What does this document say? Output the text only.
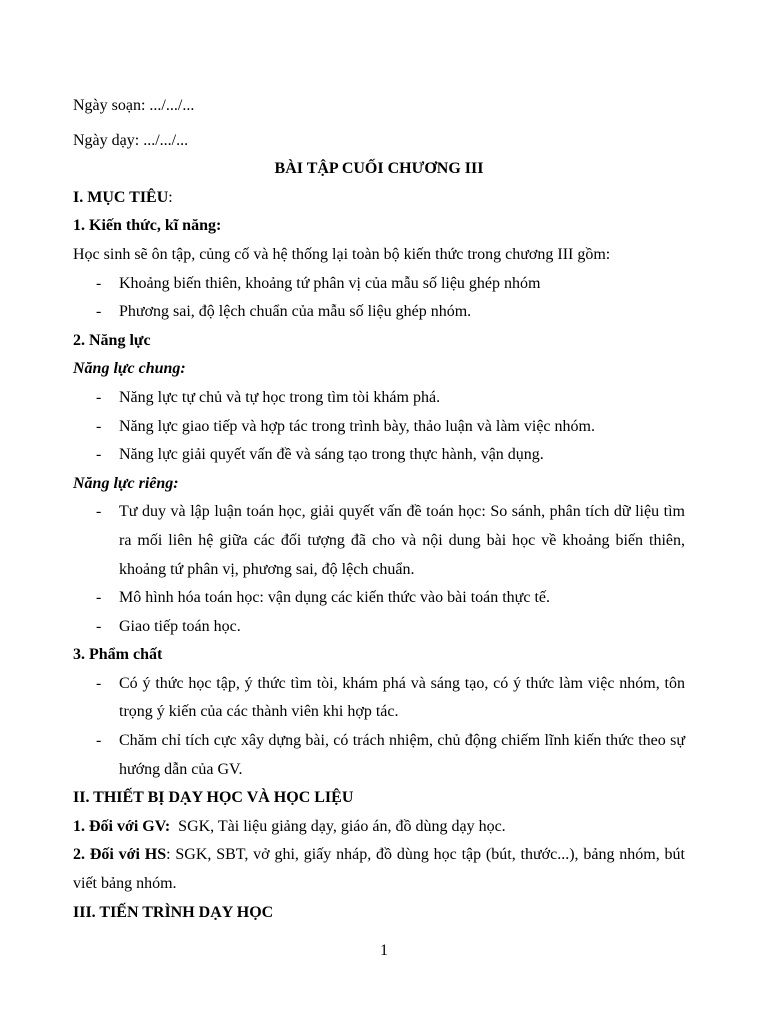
Ngày soạn: .../.../...

Ngày dạy: .../.../...

BÀI TẬP CUỐI CHƯƠNG III

I. MỤC TIÊU:

1. Kiến thức, kĩ năng:

Học sinh sẽ ôn tập, củng cố và hệ thống lại toàn bộ kiến thức trong chương III gồm:

- Khoảng biến thiên, khoảng tứ phân vị của mẫu số liệu ghép nhóm
- Phương sai, độ lệch chuẩn của mẫu số liệu ghép nhóm.

2. Năng lực

Năng lực chung:

- Năng lực tự chủ và tự học trong tìm tòi khám phá.
- Năng lực giao tiếp và hợp tác trong trình bày, thảo luận và làm việc nhóm.
- Năng lực giải quyết vấn đề và sáng tạo trong thực hành, vận dụng.

Năng lực riêng:

- Tư duy và lập luận toán học, giải quyết vấn đề toán học: So sánh, phân tích dữ liệu tìm ra mối liên hệ giữa các đối tượng đã cho và nội dung bài học về khoảng biến thiên, khoảng tứ phân vị, phương sai, độ lệch chuẩn.
- Mô hình hóa toán học: vận dụng các kiến thức vào bài toán thực tế.
- Giao tiếp toán học.

3. Phẩm chất

- Có ý thức học tập, ý thức tìm tòi, khám phá và sáng tạo, có ý thức làm việc nhóm, tôn trọng ý kiến của các thành viên khi hợp tác.
- Chăm chỉ tích cực xây dựng bài, có trách nhiệm, chủ động chiếm lĩnh kiến thức theo sự hướng dẫn của GV.

II. THIẾT BỊ DẠY HỌC VÀ HỌC LIỆU

1. Đối với GV:  SGK, Tài liệu giảng dạy, giáo án, đồ dùng dạy học.

2. Đối với HS: SGK, SBT, vở ghi, giấy nháp, đồ dùng học tập (bút, thước...), bảng nhóm, bút viết bảng nhóm.

III. TIẾN TRÌNH DẠY HỌC

1
